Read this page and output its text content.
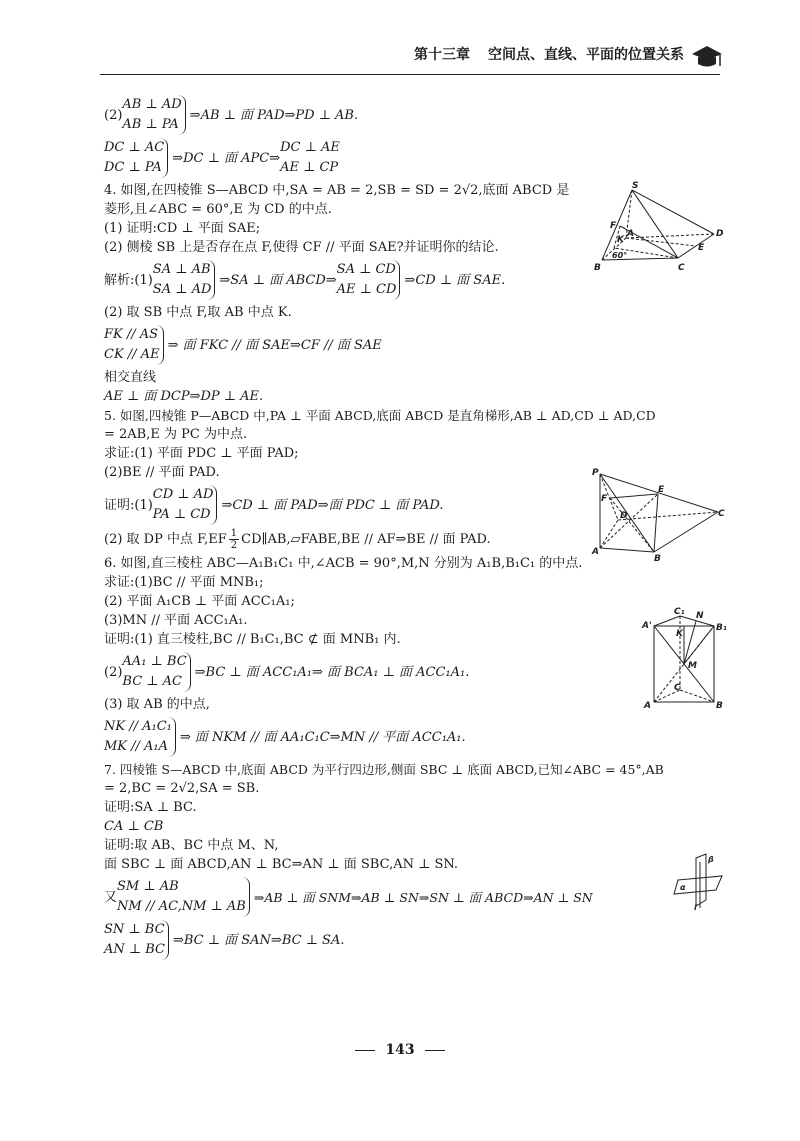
第十三章 空间点、直线、平面的位置关系
(2)
AB ⊥ AD
AB ⊥ PA
⇒AB ⊥ 面 PAD⇒PD ⊥ AB.
DC ⊥ AC
DC ⊥ PA
⇒DC ⊥ 面 APC⇒
DC ⊥ AE
AE ⊥ CP

4. 如图,在四棱锥 S—ABCD 中,SA = AB = 2,SB = SD = 2√2,底面 ABCD 是

菱形,且∠ABC = 60°,E 为 CD 的中点.

(1) 证明:CD ⊥ 平面 SAE;

(2) 侧棱 SB 上是否存在点 F,使得 CF // 平面 SAE?并证明你的结论.

解析:(1)
SA ⊥ AB
SA ⊥ AD
⇒SA ⊥ 面 ABCD⇒
SA ⊥ CD
AE ⊥ CD
⇒CD ⊥ 面 SAE.

(2) 取 SB 中点 F,取 AB 中点 K.

FK // AS
CK // AE
⇒ 面 FKC // 面 SAE⇒CF // 面 SAE

相交直线

AE ⊥ 面 DCP⇒DP ⊥ AE.

5. 如图,四棱锥 P—ABCD 中,PA ⊥ 平面 ABCD,底面 ABCD 是直角梯形,AB ⊥ AD,CD ⊥ AD,CD

= 2AB,E 为 PC 为中点.

求证:(1) 平面 PDC ⊥ 平面 PAD;

(2)BE // 平面 PAD.

证明:(1)
CD ⊥ AD
PA ⊥ CD
⇒CD ⊥ 面 PAD⇒面 PDC ⊥ 面 PAD.
(2) 取 DP 中点 $F,EF \frac{1}{2}$ CD∥AB,▱FABE,BE // AF⇒BE // 面 PAD.

6. 如图,直三棱柱 ABC—A₁B₁C₁ 中,∠ACB = 90°,M,N 分别为 A₁B,B₁C₁ 的中点.

求证:(1)BC // 平面 MNB₁;

(2) 平面 A₁CB ⊥ 平面 ACC₁A₁;

(3)MN // 平面 ACC₁A₁.

证明:(1) 直三棱柱,BC // B₁C₁,BC ⊄ 面 MNB₁ 内.

(2)
AA₁ ⊥ BC
BC ⊥ AC
⇒BC ⊥ 面 ACC₁A₁⇒ 面 BCA₁ ⊥ 面 ACC₁A₁.

(3) 取 AB 的中点,

NK // A₁C₁
MK // A₁A
⇒ 面 NKM // 面 AA₁C₁C⇒MN // 平面 ACC₁A₁.

7. 四棱锥 S—ABCD 中,底面 ABCD 为平行四边形,侧面 SBC ⊥ 底面 ABCD,已知∠ABC = 45°,AB

= 2,BC = 2√2,SA = SB.

证明:SA ⊥ BC.

CA ⊥ CB

证明:取 AB、BC 中点 M、N,

面 SBC ⊥ 面 ABCD,AN ⊥ BC⇒AN ⊥ 面 SBC,AN ⊥ SN.

又
SM ⊥ AB
NM // AC,NM ⊥ AB
⇒AB ⊥ 面 SNM⇒AB ⊥ SN⇒SN ⊥ 面 ABCD⇒AN ⊥ SN
SN ⊥ BC
AN ⊥ BC
⇒BC ⊥ 面 SAN⇒BC ⊥ SA.
S
F
K
A	D
E
B	C
60°
P
F
E
D	C
A
B
C₁
A'
K
N
B₁
M
C
A	B
β
α
l
143
